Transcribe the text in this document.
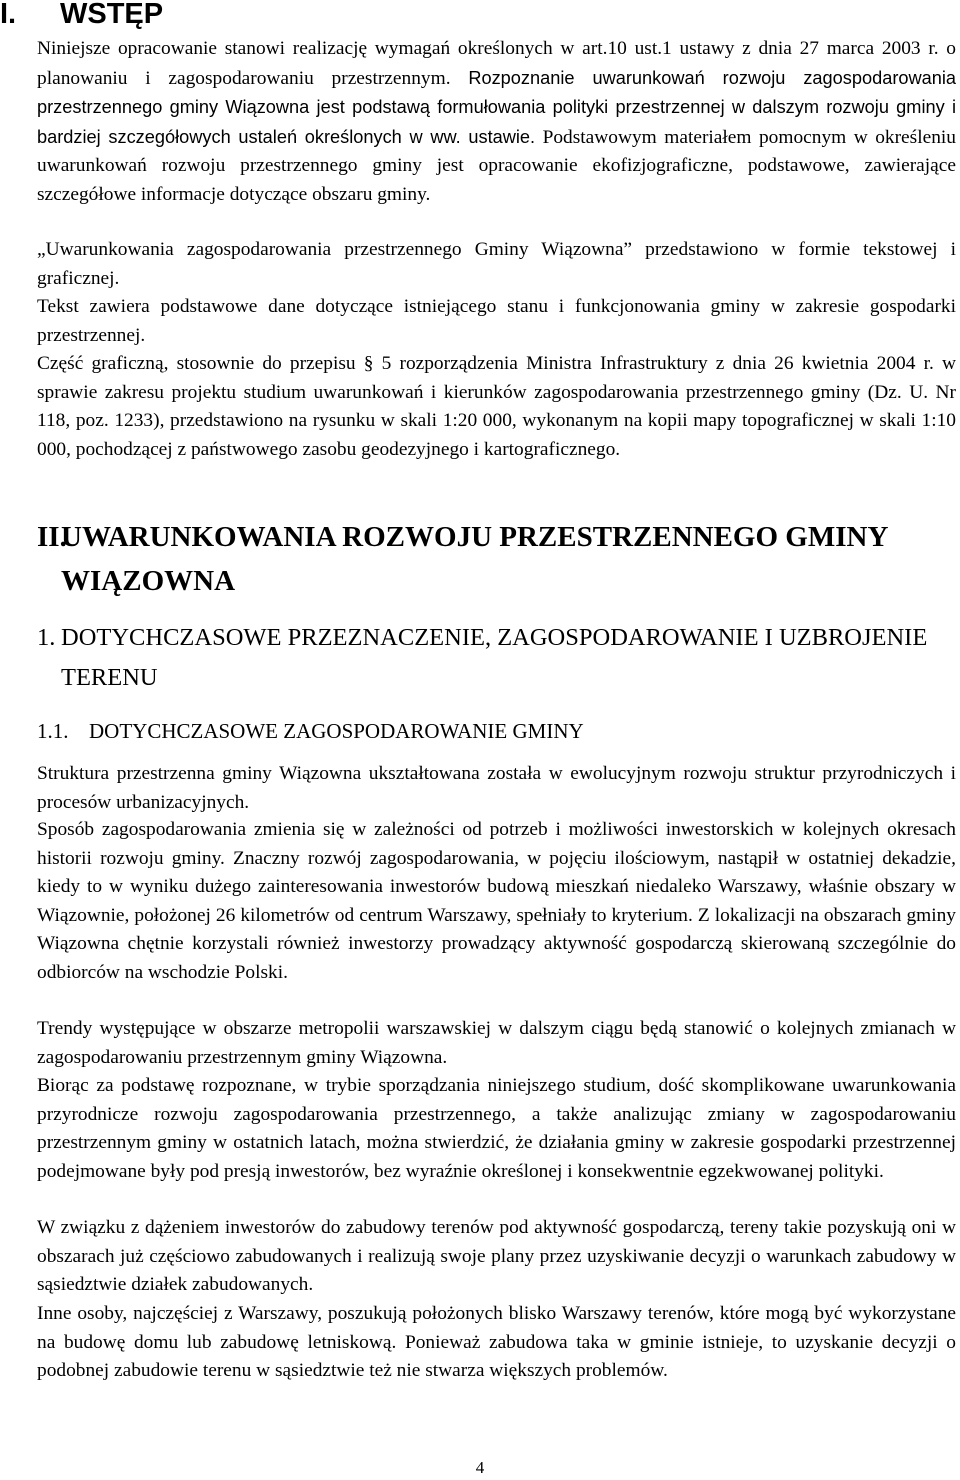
I. WSTĘP

Niniejsze opracowanie stanowi realizację wymagań określonych w art.10 ust.1 ustawy z dnia 27 marca 2003 r. o planowaniu i zagospodarowaniu przestrzennym. Rozpoznanie uwarunkowań rozwoju zagospodarowania przestrzennego gminy Wiązowna jest podstawą formułowania polityki przestrzennej w dalszym rozwoju gminy i bardziej szczegółowych ustaleń określonych w ww. ustawie. Podstawowym materiałem pomocnym w określeniu uwarunkowań rozwoju przestrzennego gminy jest opracowanie ekofizjograficzne, podstawowe, zawierające szczegółowe informacje dotyczące obszaru gminy.

„Uwarunkowania zagospodarowania przestrzennego Gminy Wiązowna” przedstawiono w formie tekstowej i graficznej.

Tekst zawiera podstawowe dane dotyczące istniejącego stanu i funkcjonowania gminy w zakresie gospodarki przestrzennej.

Część graficzną, stosownie do przepisu § 5 rozporządzenia Ministra Infrastruktury z dnia 26 kwietnia 2004 r. w sprawie zakresu projektu studium uwarunkowań i kierunków zagospodarowania przestrzennego gminy (Dz. U. Nr 118, poz. 1233), przedstawiono na rysunku w skali 1:20 000, wykonanym na kopii mapy topograficznej w skali 1:10 000, pochodzącej z państwowego zasobu geodezyjnego i kartograficznego.

II.
UWARUNKOWANIA ROZWOJU PRZESTRZENNEGO GMINY WIĄZOWNA
1. DOTYCHCZASOWE PRZEZNACZENIE, ZAGOSPODAROWANIE I UZBROJENIE TERENU
1.1. DOTYCHCZASOWE ZAGOSPODAROWANIE GMINY

Struktura przestrzenna gminy Wiązowna ukształtowana została w ewolucyjnym rozwoju struktur przyrodniczych i procesów urbanizacyjnych.

Sposób zagospodarowania zmienia się w zależności od potrzeb i możliwości inwestorskich w kolejnych okresach historii rozwoju gminy. Znaczny rozwój zagospodarowania, w pojęciu ilościowym, nastąpił w ostatniej dekadzie, kiedy to w wyniku dużego zainteresowania inwestorów budową mieszkań niedaleko Warszawy, właśnie obszary w Wiązownie, położonej 26 kilometrów od centrum Warszawy, spełniały to kryterium. Z lokalizacji na obszarach gminy Wiązowna chętnie korzystali również inwestorzy prowadzący aktywność gospodarczą skierowaną szczególnie do odbiorców na wschodzie Polski.

Trendy występujące w obszarze metropolii warszawskiej w dalszym ciągu będą stanowić o kolejnych zmianach w zagospodarowaniu przestrzennym gminy Wiązowna.

Biorąc za podstawę rozpoznane, w trybie sporządzania niniejszego studium, dość skomplikowane uwarunkowania przyrodnicze rozwoju zagospodarowania przestrzennego, a także analizując zmiany w zagospodarowaniu przestrzennym gminy w ostatnich latach, można stwierdzić, że działania gminy w zakresie gospodarki przestrzennej podejmowane były pod presją inwestorów, bez wyraźnie określonej i konsekwentnie egzekwowanej polityki.

W związku z dążeniem inwestorów do zabudowy terenów pod aktywność gospodarczą, tereny takie pozyskują oni w obszarach już częściowo zabudowanych i realizują swoje plany przez uzyskiwanie decyzji o warunkach zabudowy w sąsiedztwie działek zabudowanych.

Inne osoby, najczęściej z Warszawy, poszukują położonych blisko Warszawy terenów, które mogą być wykorzystane na budowę domu lub zabudowę letniskową. Ponieważ zabudowa taka w gminie istnieje, to uzyskanie decyzji o podobnej zabudowie terenu w sąsiedztwie też nie stwarza większych problemów.

4
